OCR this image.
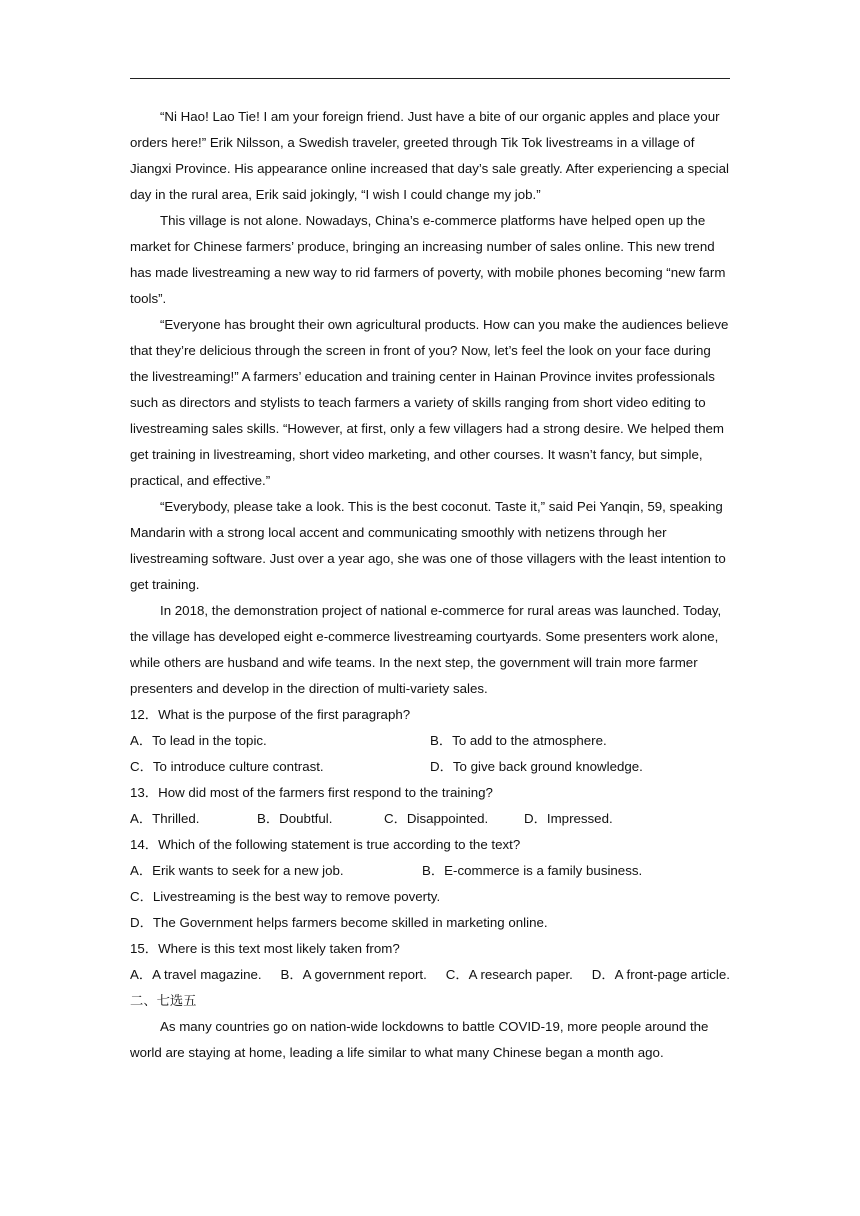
“Ni Hao! Lao Tie! I am your foreign friend. Just have a bite of our organic apples and place your orders here!” Erik Nilsson, a Swedish traveler, greeted through Tik Tok livestreams in a village of Jiangxi Province. His appearance online increased that day’s sale greatly. After experiencing a special day in the rural area, Erik said jokingly, “I wish I could change my job.”

This village is not alone. Nowadays, China’s e-commerce platforms have helped open up the market for Chinese farmers’ produce, bringing an increasing number of sales online. This new trend has made livestreaming a new way to rid farmers of poverty, with mobile phones becoming “new farm tools”.

“Everyone has brought their own agricultural products. How can you make the audiences believe that they’re delicious through the screen in front of you? Now, let’s feel the look on your face during the livestreaming!” A farmers’ education and training center in Hainan Province invites professionals such as directors and stylists to teach farmers a variety of skills ranging from short video editing to livestreaming sales skills. “However, at first, only a few villagers had a strong desire. We helped them get training in livestreaming, short video marketing, and other courses. It wasn’t fancy, but simple, practical, and effective.”

“Everybody, please take a look. This is the best coconut. Taste it,” said Pei Yanqin, 59, speaking Mandarin with a strong local accent and communicating smoothly with netizens through her livestreaming software. Just over a year ago, she was one of those villagers with the least intention to get training.

In 2018, the demonstration project of national e-commerce for rural areas was launched. Today, the village has developed eight e-commerce livestreaming courtyards. Some presenters work alone, while others are husband and wife teams. In the next step, the government will train more farmer presenters and develop in the direction of multi-variety sales.

12．What is the purpose of the first paragraph?

A．To lead in the topic.	B．To add to the atmosphere.
C．To introduce culture contrast.	D．To give back ground knowledge.

13．How did most of the farmers first respond to the training?

A．Thrilled.	B．Doubtful.	C．Disappointed.	D．Impressed.

14．Which of the following statement is true according to the text?

A．Erik wants to seek for a new job.	B．E-commerce is a family business.

C．Livestreaming is the best way to remove poverty.

D．The Government helps farmers become skilled in marketing online.

15．Where is this text most likely taken from?

A．A travel magazine. B．A government report. C．A research paper. D．A front-page article.

二、七选五

As many countries go on nation-wide lockdowns to battle COVID-19, more people around the world are staying at home, leading a life similar to what many Chinese began a month ago.
